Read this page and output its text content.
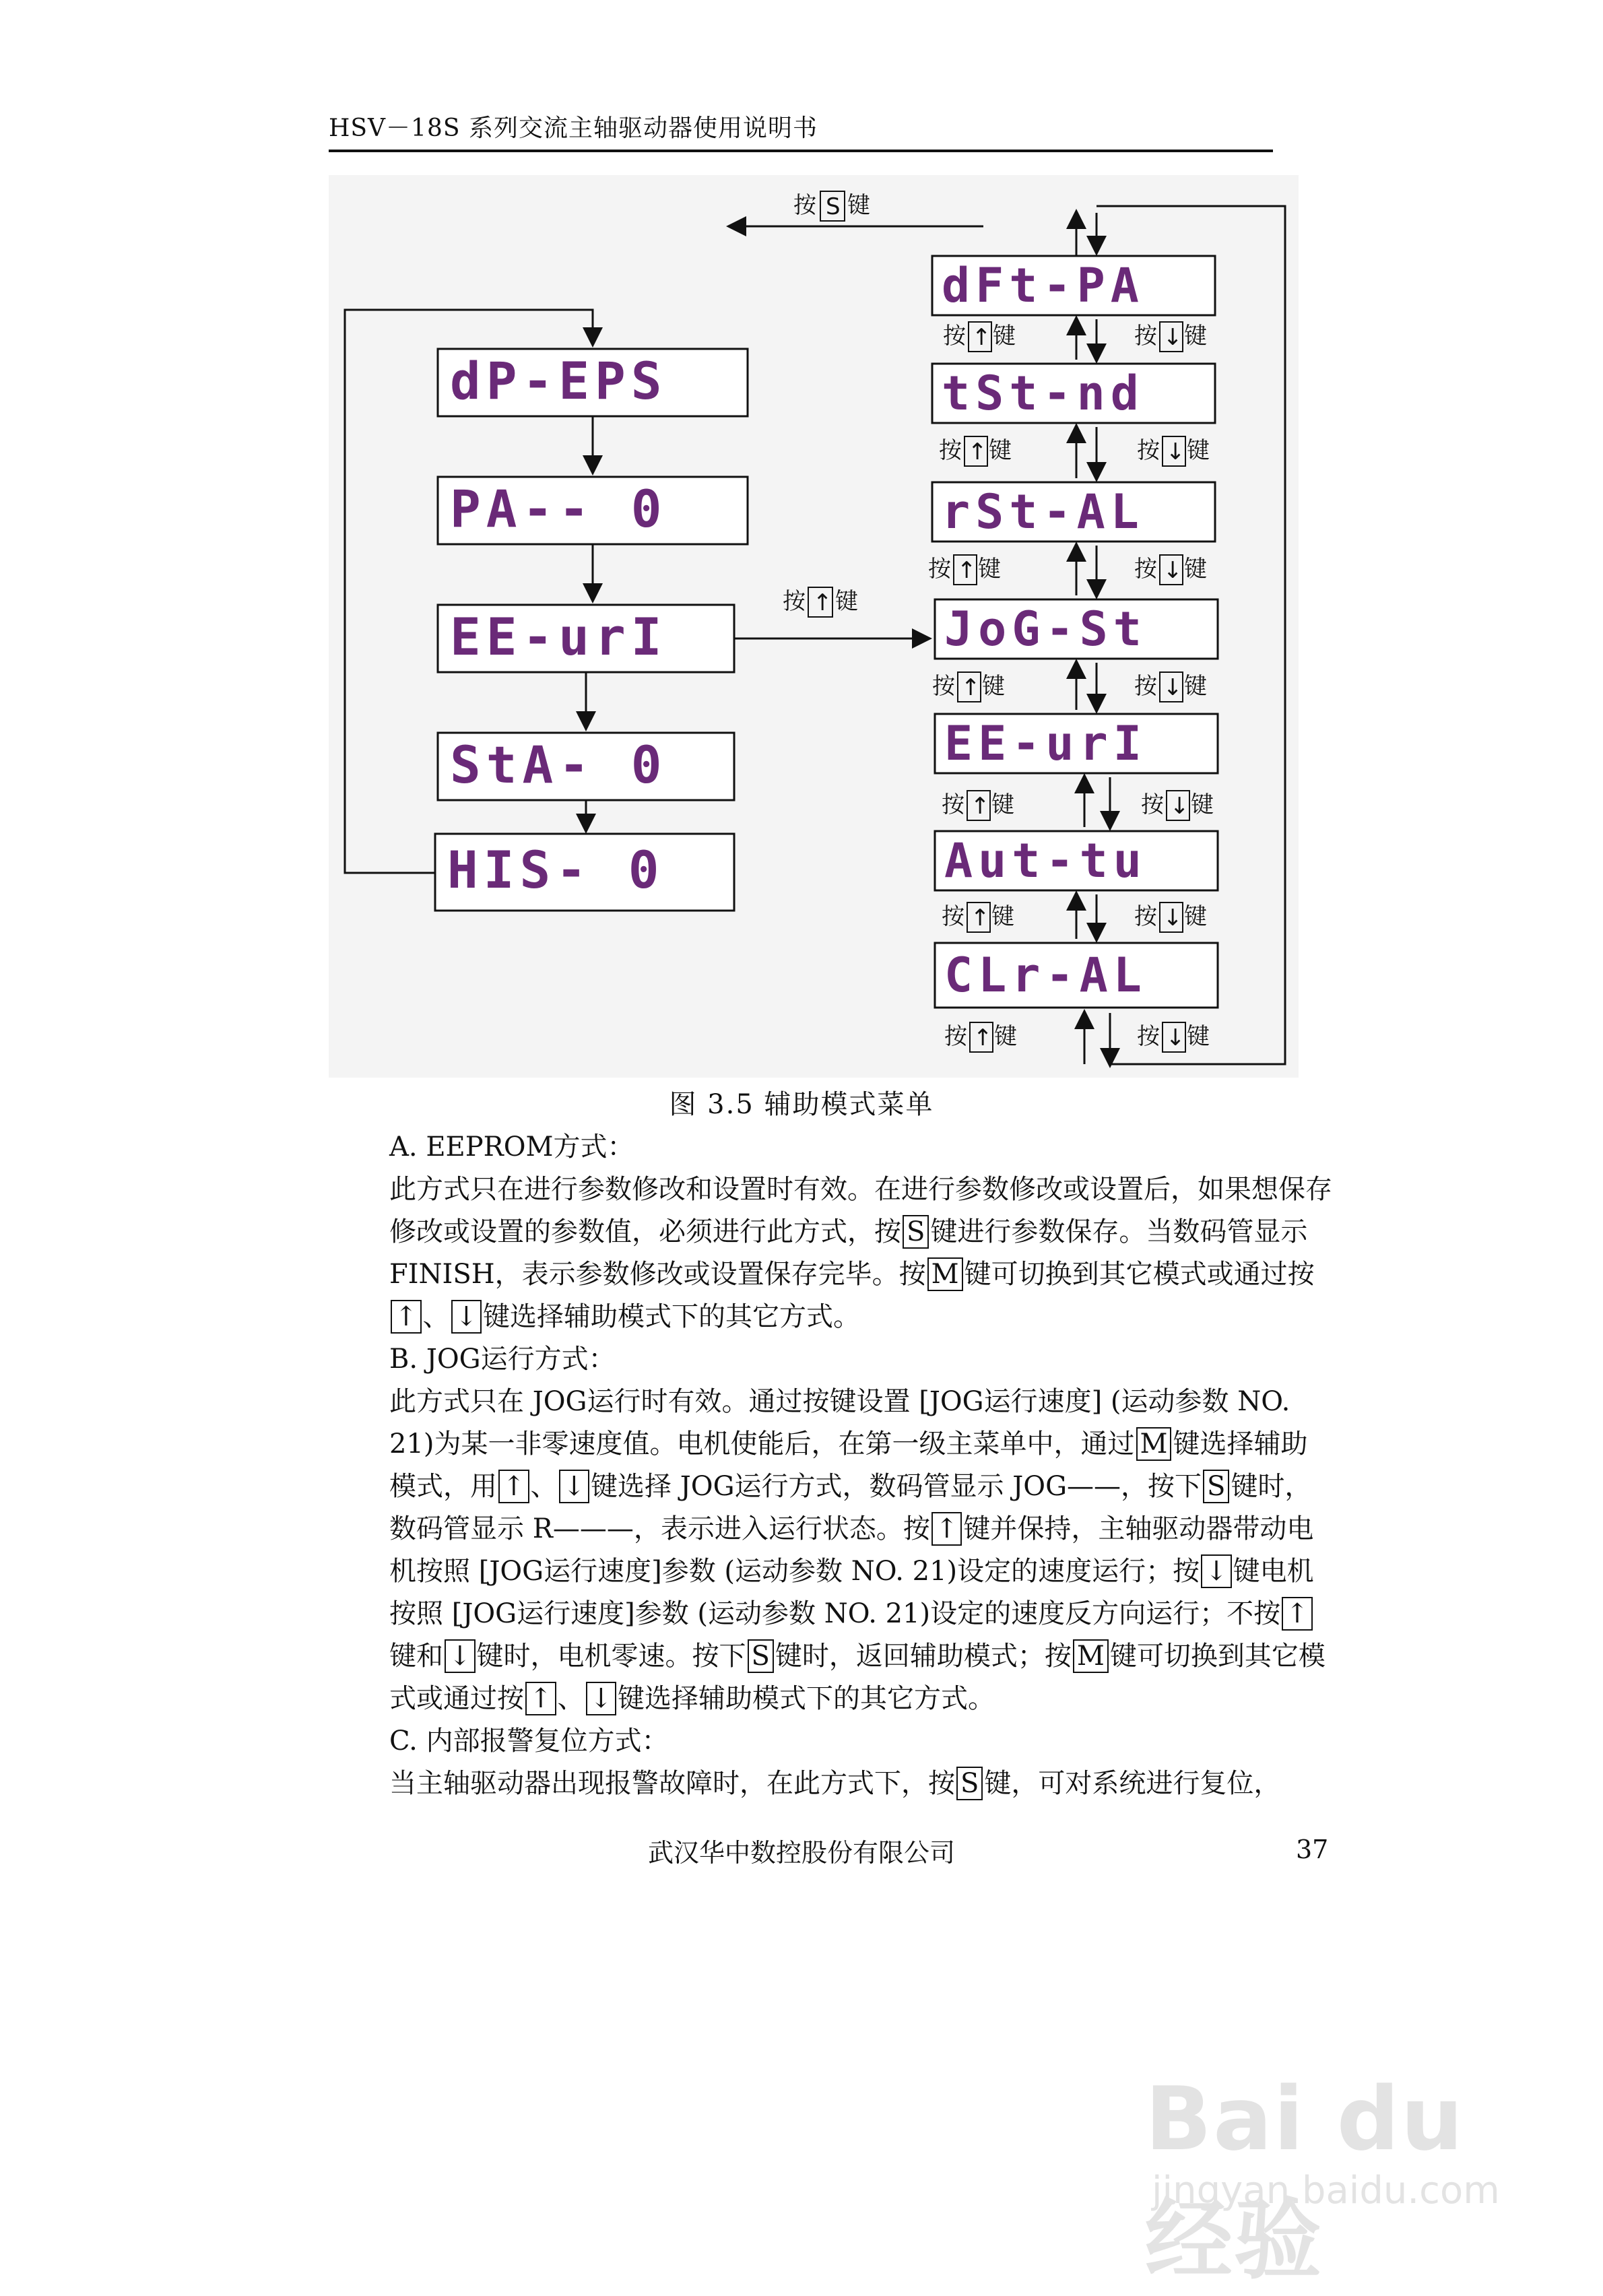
HSV－18S 系列交流主轴驱动器使用说明书
dP-EPS
PA-- 0
EE-urI
StA- 0
HIS- 0
按 ↑ 键
按 S 键
dFt-PA
tSt-nd
rSt-AL
JoG-St
EE-urI
Aut-tu
CLr-AL
按 ↑ 键	按 ↓ 键
按 ↑ 键	按 ↓ 键
按 ↑ 键	按 ↓ 键
按 ↑ 键	按 ↓ 键
按 ↑ 键	按 ↓ 键
按 ↑ 键	按 ↓ 键
按 ↑ 键	按 ↓ 键
图 3.5 辅助模式菜单

A. EEPROM方式：

此方式只在进行参数修改和设置时有效。在进行参数修改或设置后，如果想保存修改或设置的参数值，必须进行此方式，按 S 键进行参数保存。当数码管显示 FINISH，表示参数修改或设置保存完毕。按 M 键可切换到其它模式或通过按↑ 、 ↓ 键选择辅助模式下的其它方式。

B. JOG运行方式：

此方式只在 JOG运行时有效。通过按键设置 [JOG运行速度] (运动参数 NO. 21)为某一非零速度值。电机使能后，在第一级主菜单中，通过 M 键选择辅助模式，用 ↑ 、 ↓ 键选择 JOG运行方式，数码管显示 JOG——，按下 S 键时，数码管显示 R———，表示进入运行状态。按 ↑ 键并保持，主轴驱动器带动电机按照 [JOG运行速度]参数 (运动参数 NO. 21)设定的速度运行；按 ↓ 键电机按照 [JOG运行速度]参数 (运动参数 NO. 21)设定的速度反方向运行；不按 ↑键和 ↓ 键时，电机零速。按下 S 键时，返回辅助模式；按 M 键可切换到其它模式或通过按 ↑ 、 ↓ 键选择辅助模式下的其它方式。

C. 内部报警复位方式：

当主轴驱动器出现报警故障时，在此方式下，按 S 键，可对系统进行复位，

武汉华中数控股份有限公司	37
Bai du 经验
jingyan.baidu.com
